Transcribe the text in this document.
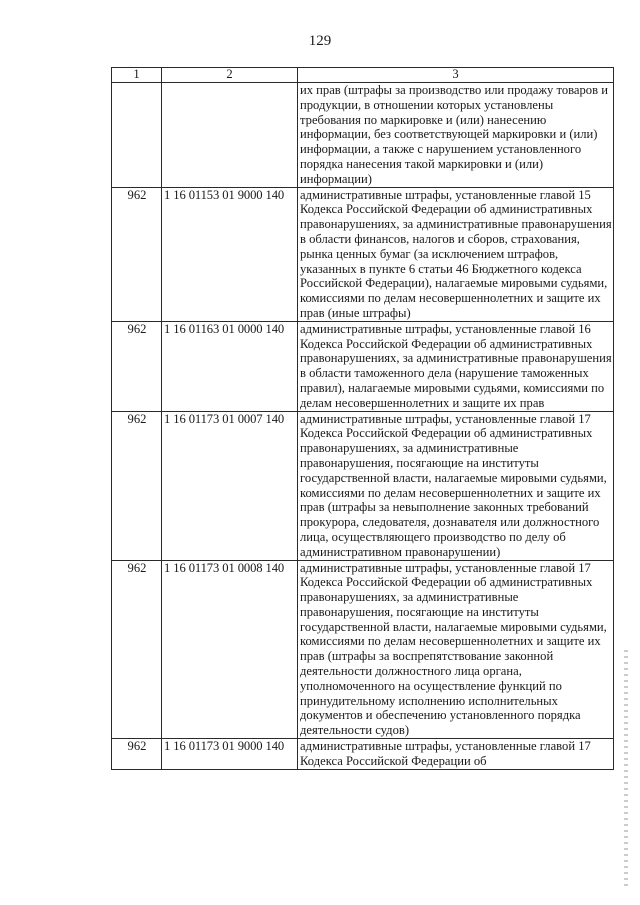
129
1	2	3
		их прав (штрафы за производство или продажу товаров и продукции, в отношении которых установлены требования по маркировке и (или) нанесению информации, без соответствующей маркировки и (или) информации, а также с нарушением установленного порядка нанесения такой маркировки и (или) информации)
962	1 16 01153 01 9000 140	административные штрафы, установленные главой 15 Кодекса Российской Федерации об административных правонарушениях, за административные правонарушения в области финансов, налогов и сборов, страхования, рынка ценных бумаг (за исключением штрафов, указанных в пункте 6 статьи 46 Бюджетного кодекса Российской Федерации), налагаемые мировыми судьями, комиссиями по делам несовершеннолетних и защите их прав (иные штрафы)
962	1 16 01163 01 0000 140	административные штрафы, установленные главой 16 Кодекса Российской Федерации об административных правонарушениях, за административные правонарушения в области таможенного дела (нарушение таможенных правил), налагаемые мировыми судьями, комиссиями по делам несовершеннолетних и защите их прав
962	1 16 01173 01 0007 140	административные штрафы, установленные главой 17 Кодекса Российской Федерации об административных правонарушениях, за административные правонарушения, посягающие на институты государственной власти, налагаемые мировыми судьями, комиссиями по делам несовершеннолетних и защите их прав (штрафы за невыполнение законных требований прокурора, следователя, дознавателя или должностного лица, осуществляющего производство по делу об административном правонарушении)
962	1 16 01173 01 0008 140	административные штрафы, установленные главой 17 Кодекса Российской Федерации об административных правонарушениях, за административные правонарушения, посягающие на институты государственной власти, налагаемые мировыми судьями, комиссиями по делам несовершеннолетних и защите их прав (штрафы за воспрепятствование законной деятельности должностного лица органа, уполномоченного на осуществление функций по принудительному исполнению исполнительных документов и обеспечению установленного порядка деятельности судов)
962	1 16 01173 01 9000 140	административные штрафы, установленные главой 17 Кодекса Российской Федерации об
